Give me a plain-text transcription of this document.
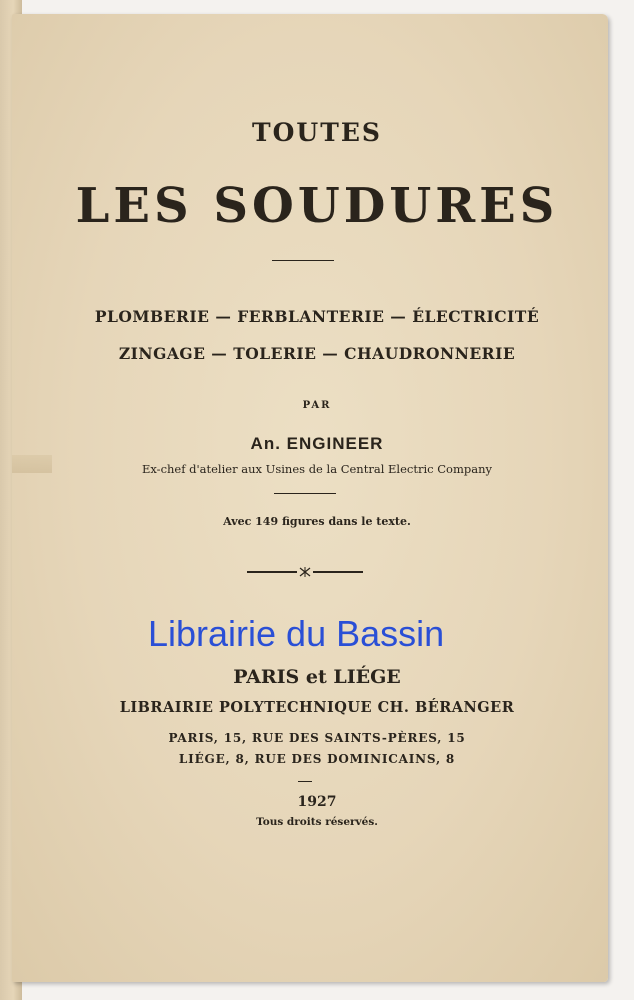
TOUTES
LES SOUDURES
PLOMBERIE — FERBLANTERIE — ÉLECTRICITÉ
ZINGAGE — TOLERIE — CHAUDRONNERIE
PAR
An. ENGINEER
Ex-chef d'atelier aux Usines de la Central Electric Company
Avec 149 figures dans le texte.
Librairie du Bassin
PARIS et LIÉGE
LIBRAIRIE POLYTECHNIQUE CH. BÉRANGER
PARIS, 15, RUE DES SAINTS-PÈRES, 15
LIÉGE, 8, RUE DES DOMINICAINS, 8
1927
Tous droits réservés.
